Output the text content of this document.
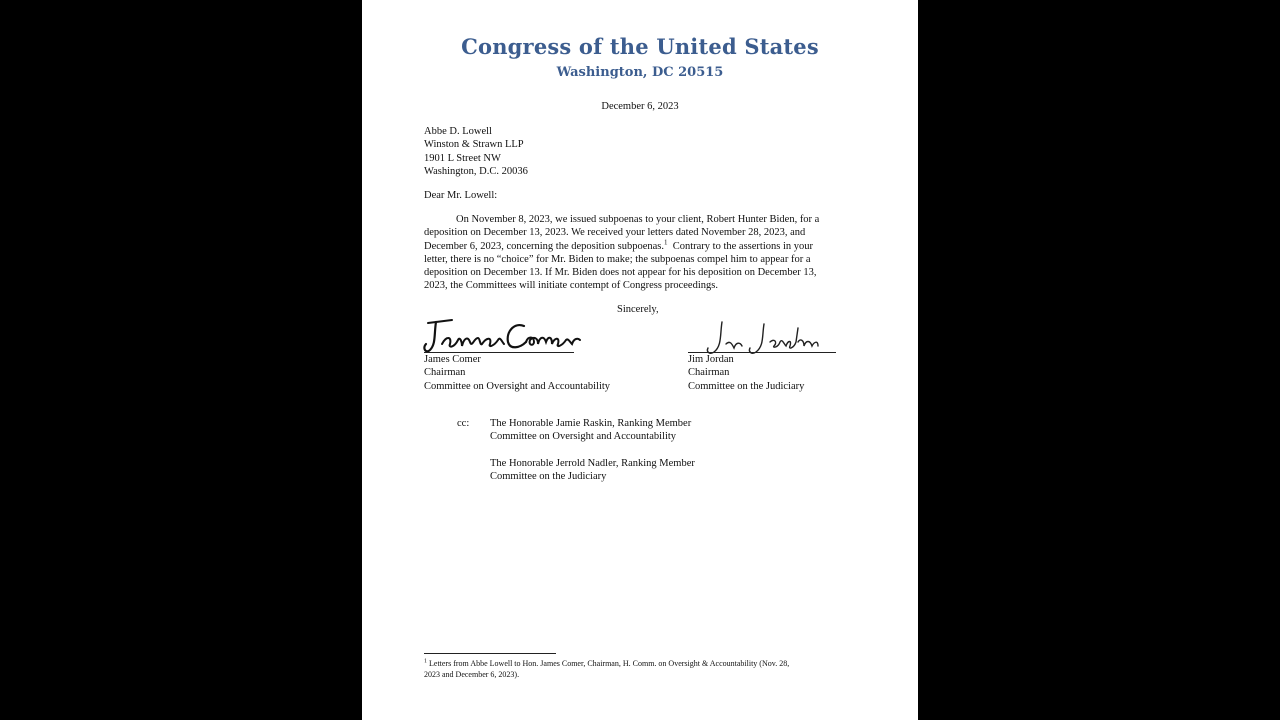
Congress of the United States
Washington, DC 20515
December 6, 2023
Abbe D. Lowell
Winston & Strawn LLP
1901 L Street NW
Washington, D.C. 20036
Dear Mr. Lowell:
On November 8, 2023, we issued subpoenas to your client, Robert Hunter Biden, for a
deposition on December 13, 2023. We received your letters dated November 28, 2023, and
December 6, 2023, concerning the deposition subpoenas.$^1$ Contrary to the assertions in your
letter, there is no “choice” for Mr. Biden to make; the subpoenas compel him to appear for a
deposition on December 13. If Mr. Biden does not appear for his deposition on December 13,
2023, the Committees will initiate contempt of Congress proceedings.
Sincerely,
James Comer
Chairman
Committee on Oversight and Accountability
Jim Jordan
Chairman
Committee on the Judiciary
cc: The Honorable Jamie Raskin, Ranking Member
Committee on Oversight and Accountability
The Honorable Jerrold Nadler, Ranking Member
Committee on the Judiciary
$^1$ Letters from Abbe Lowell to Hon. James Comer, Chairman, H. Comm. on Oversight & Accountability (Nov. 28,
2023 and December 6, 2023).
